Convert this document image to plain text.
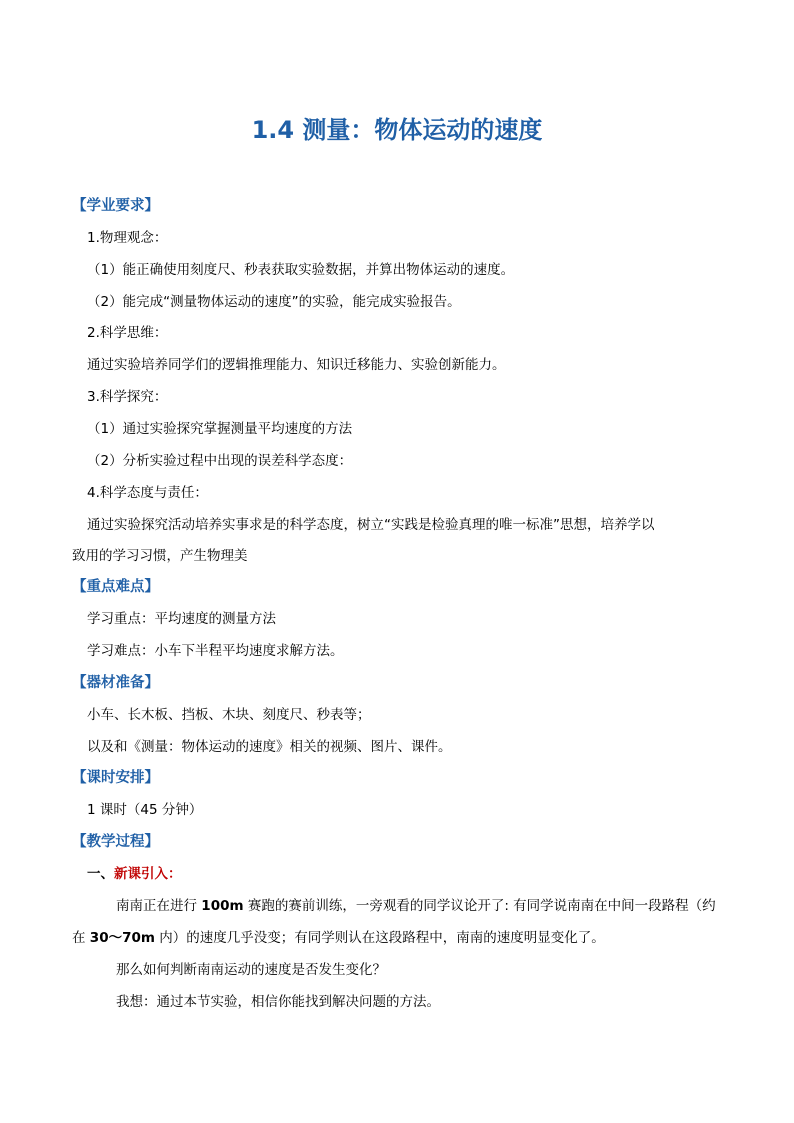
1.4 测量：物体运动的速度
【学业要求】
1.物理观念：
（1）能正确使用刻度尺、秒表获取实验数据，并算出物体运动的速度。
（2）能完成“测量物体运动的速度”的实验，能完成实验报告。
2.科学思维：
通过实验培养同学们的逻辑推理能力、知识迁移能力、实验创新能力。
3.科学探究：
（1）通过实验探究掌握测量平均速度的方法
（2）分析实验过程中出现的误差科学态度：
4.科学态度与责任：
通过实验探究活动培养实事求是的科学态度，树立“实践是检验真理的唯一标准”思想，培养学以
致用的学习习惯，产生物理美
【重点难点】
学习重点：平均速度的测量方法
学习难点：小车下半程平均速度求解方法。
【器材准备】
小车、长木板、挡板、木块、刻度尺、秒表等；
以及和《测量：物体运动的速度》相关的视频、图片、课件。
【课时安排】
1 课时（45 分钟）
【教学过程】
一、新课引入：
南南正在进行 100m 赛跑的赛前训练，一旁观看的同学议论开了: 有同学说南南在中间一段路程（约
在 30～70m 内）的速度几乎没变；有同学则认在这段路程中，南南的速度明显变化了。
那么如何判断南南运动的速度是否发生变化？
我想：通过本节实验，相信你能找到解决问题的方法。
